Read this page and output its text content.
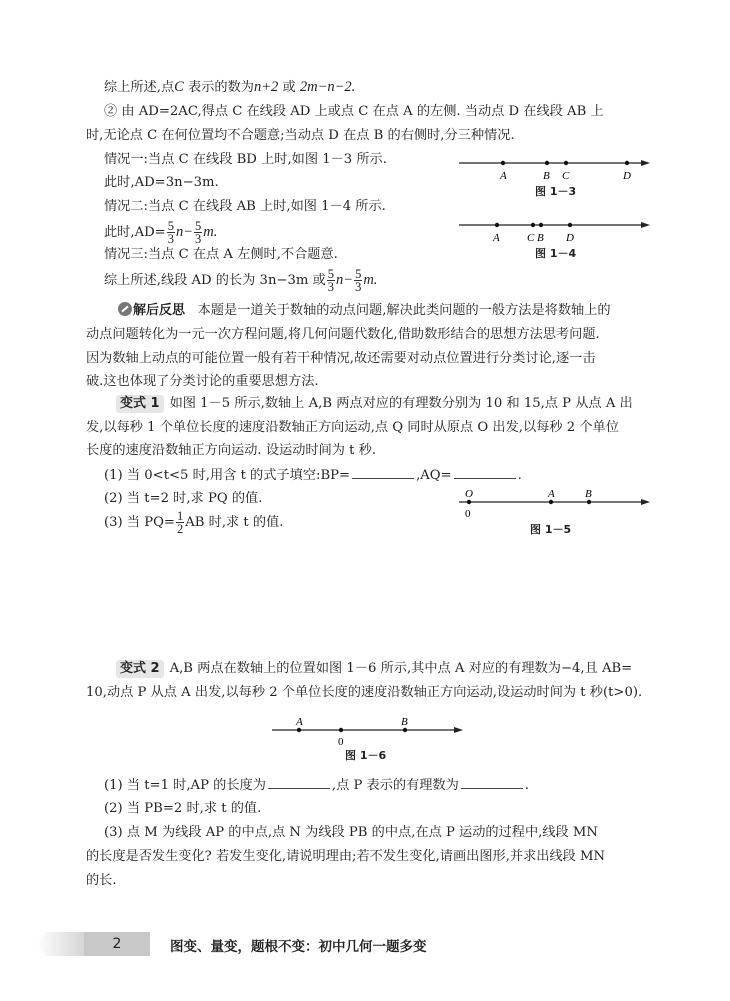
综上所述,点C 表示的数为n+2 或 2m−n−2.
② 由 AD=2AC,得点 C 在线段 AD 上或点 C 在点 A 的左侧. 当动点 D 在线段 AB 上
时,无论点 C 在何位置均不合题意;当动点 D 在点 B 的右侧时,分三种情况.
情况一:当点 C 在线段 BD 上时,如图 1－3 所示.
此时,AD=3n−3m.
情况二:当点 C 在线段 AB 上时,如图 1－4 所示.
此时$,AD= \frac{5}{3} n- \frac{5}{3} m$.
情况三:当点 C 在点 A 左侧时,不合题意.
综上所述,线段 AD 的长为 3n−3m 或 $\frac{5}{3} n- \frac{5}{3} m$.
A	B C	D
图 1－3
A C B D
图 1－4
解后反思 本题是一道关于数轴的动点问题,解决此类问题的一般方法是将数轴上的
动点问题转化为一元一次方程问题,将几何问题代数化,借助数形结合的思想方法思考问题.
因为数轴上动点的可能位置一般有若干种情况,故还需要对动点位置进行分类讨论,逐一击
破.这也体现了分类讨论的重要思想方法.
变式 1 如图 1－5 所示,数轴上 A,B 两点对应的有理数分别为 10 和 15,点 P 从点 A 出
发,以每秒 1 个单位长度的速度沿数轴正方向运动,点 Q 同时从原点 O 出发,以每秒 2 个单位
长度的速度沿数轴正方向运动. 设运动时间为 t 秒.
(1) 当 0<t<5 时,用含 t 的式子填空:BP=	,AQ=	.
(2) 当 t=2 时,求 PQ 的值.
(3) 当 $PQ= \frac{1}{2}$ AB 时,求 t 的值.
O	A	B
0
图 1－5
变式 2 A,B 两点在数轴上的位置如图 1－6 所示,其中点 A 对应的有理数为−4,且 AB=
10,动点 P 从点 A 出发,以每秒 2 个单位长度的速度沿数轴正方向运动,设运动时间为 t 秒(t>0).
A	B
0
图 1－6
(1) 当 t=1 时,AP 的长度为	,点 P 表示的有理数为	.
(2) 当 PB=2 时,求 t 的值.
(3) 点 M 为线段 AP 的中点,点 N 为线段 PB 的中点,在点 P 运动的过程中,线段 MN
的长度是否发生变化? 若发生变化,请说明理由;若不发生变化,请画出图形,并求出线段 MN
的长.
2	图变、量变，题根不变：初中几何一题多变
